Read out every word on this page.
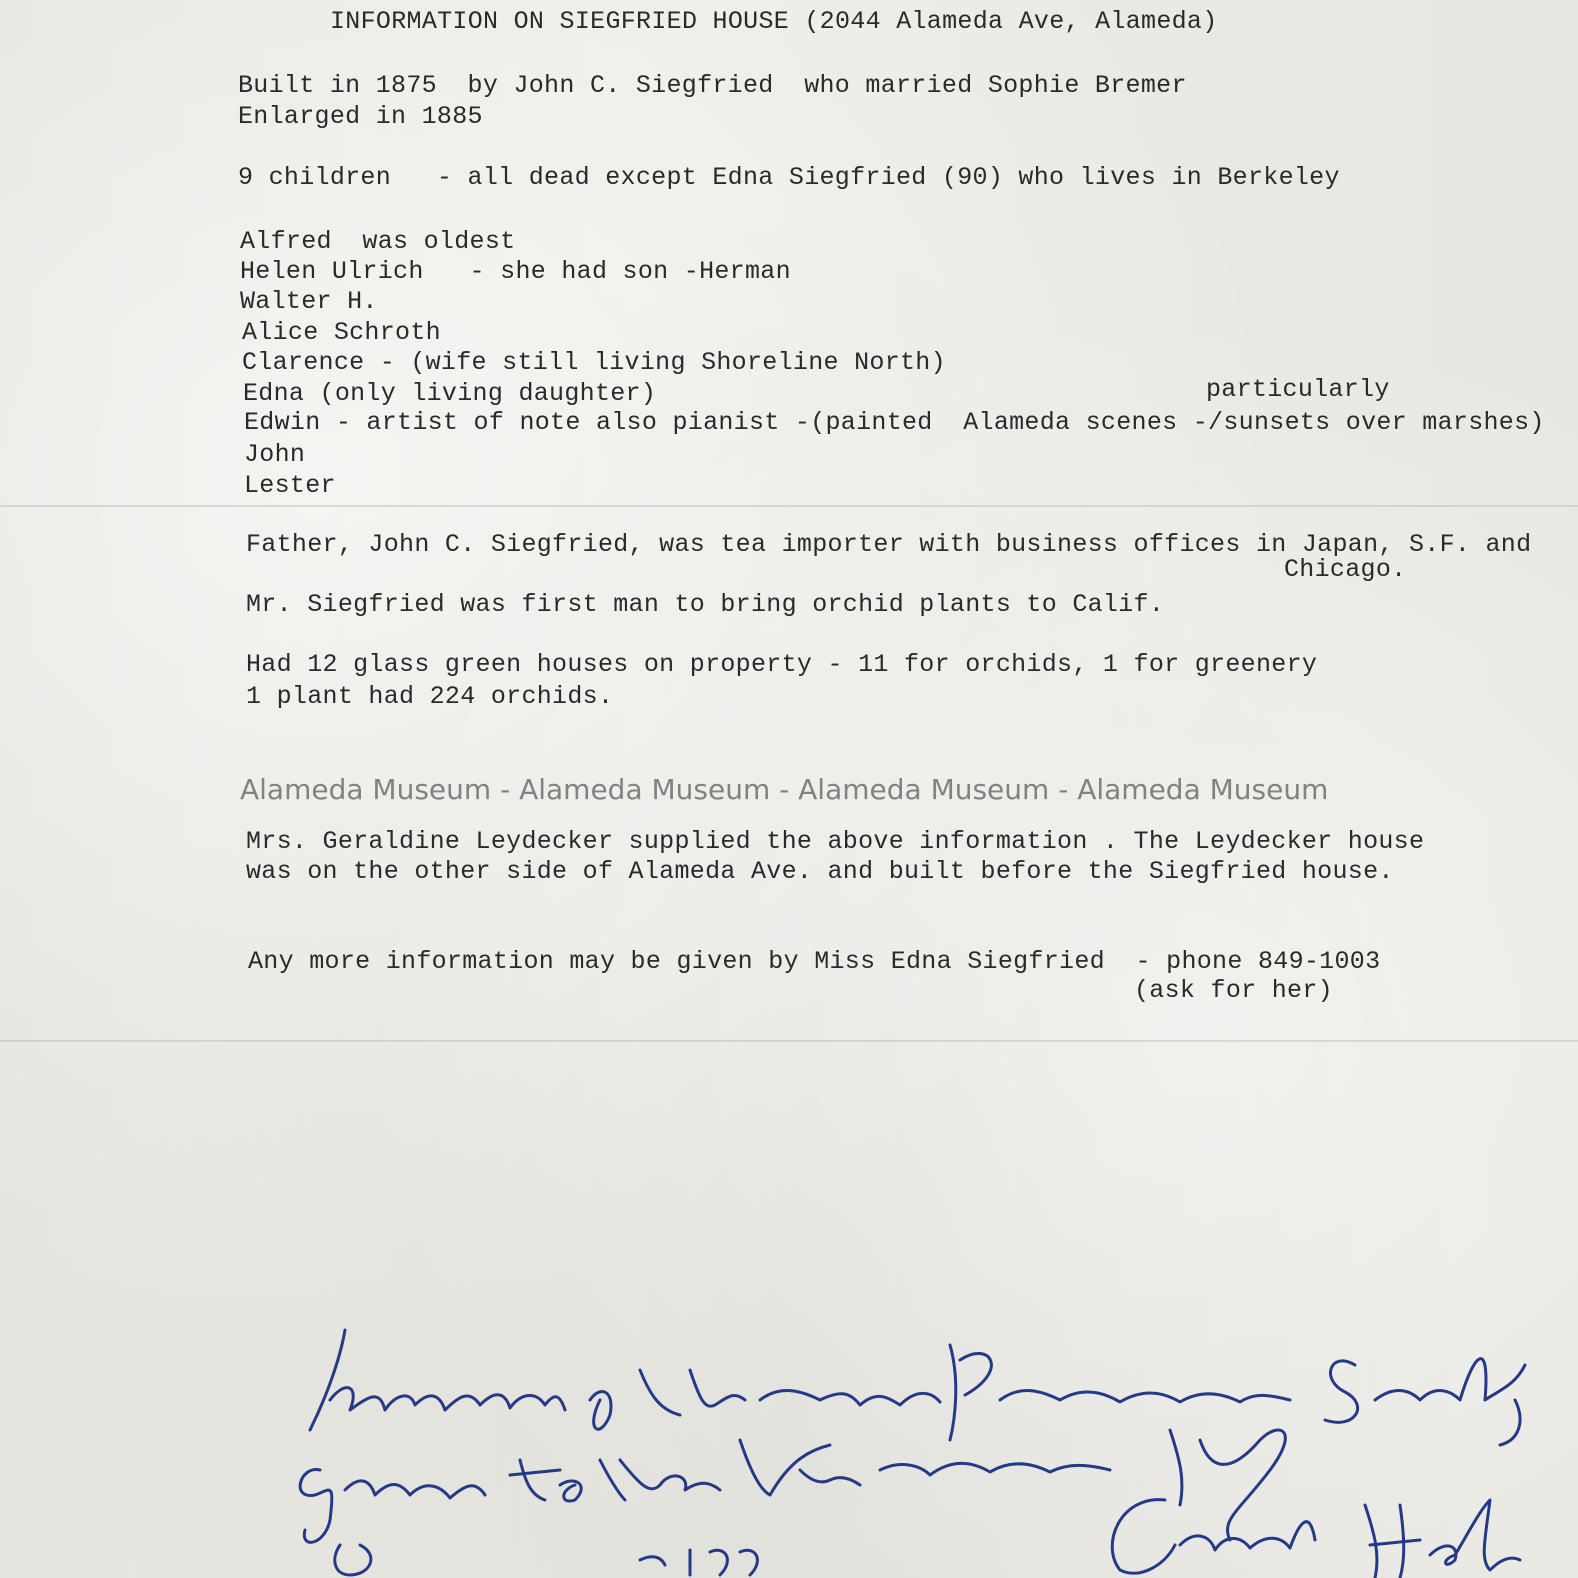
INFORMATION ON SIEGFRIED HOUSE (2044 Alameda Ave, Alameda)
Built in 1875  by John C. Siegfried  who married Sophie Bremer
Enlarged in 1885
9 children   - all dead except Edna Siegfried (90) who lives in Berkeley
Alfred  was oldest
Helen Ulrich   - she had son -Herman
Walter H.
Alice Schroth
Clarence - (wife still living Shoreline North)
Edna (only living daughter)	particularly
Edwin - artist of note also pianist -(painted  Alameda scenes -/sunsets over marshes)
John
Lester
Father, John C. Siegfried, was tea importer with business offices in Japan, S.F. and
Chicago.
Mr. Siegfried was first man to bring orchid plants to Calif.
Had 12 glass green houses on property - 11 for orchids, 1 for greenery
1 plant had 224 orchids.
Alameda Museum - Alameda Museum - Alameda Museum - Alameda Museum
Mrs. Geraldine Leydecker supplied the above information . The Leydecker house
was on the other side of Alameda Ave. and built before the Siegfried house.
Any more information may be given by Miss Edna Siegfried  - phone 849-1003
(ask for her)
